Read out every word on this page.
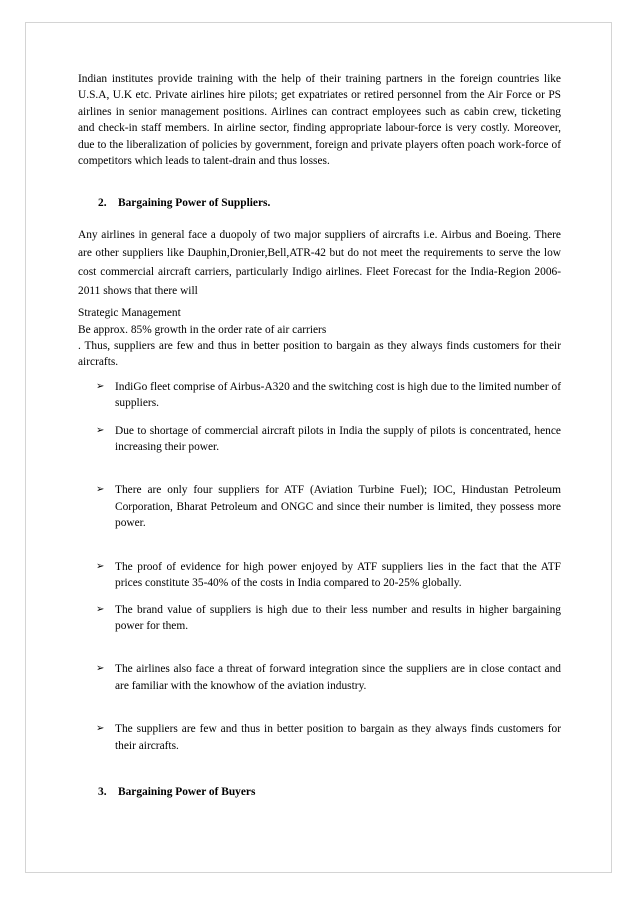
Indian institutes provide training with the help of their training partners in the foreign countries like U.S.A, U.K etc. Private airlines hire pilots; get expatriates or retired personnel from the Air Force or PS airlines in senior management positions. Airlines can contract employees such as cabin crew, ticketing and check-in staff members. In airline sector, finding appropriate labour-force is very costly. Moreover, due to the liberalization of policies by government, foreign and private players often poach work-force of competitors which leads to talent-drain and thus losses.

2.	Bargaining Power of Suppliers.

Any airlines in general face a duopoly of two major suppliers of aircrafts i.e. Airbus and Boeing. There are other suppliers like Dauphin,Dronier,Bell,ATR-42 but do not meet the requirements to serve the low cost commercial aircraft carriers, particularly Indigo airlines. Fleet Forecast for the India-Region 2006-2011 shows that there will

Strategic Management

Be approx. 85% growth in the order rate of air carriers

. Thus, suppliers are few and thus in better position to bargain as they always finds customers for their aircrafts.

➢ IndiGo fleet comprise of Airbus-A320 and the switching cost is high due to the limited number of suppliers.
➢ Due to shortage of commercial aircraft pilots in India the supply of pilots is concentrated, hence increasing their power.
➢ There are only four suppliers for ATF (Aviation Turbine Fuel); IOC, Hindustan Petroleum Corporation, Bharat Petroleum and ONGC and since their number is limited, they possess more power.
➢ The proof of evidence for high power enjoyed by ATF suppliers lies in the fact that the ATF prices constitute 35-40% of the costs in India compared to 20-25% globally.
➢ The brand value of suppliers is high due to their less number and results in higher bargaining power for them.
➢ The airlines also face a threat of forward integration since the suppliers are in close contact and are familiar with the knowhow of the aviation industry.
➢ The suppliers are few and thus in better position to bargain as they always finds customers for their aircrafts.
3.	Bargaining Power of Buyers
